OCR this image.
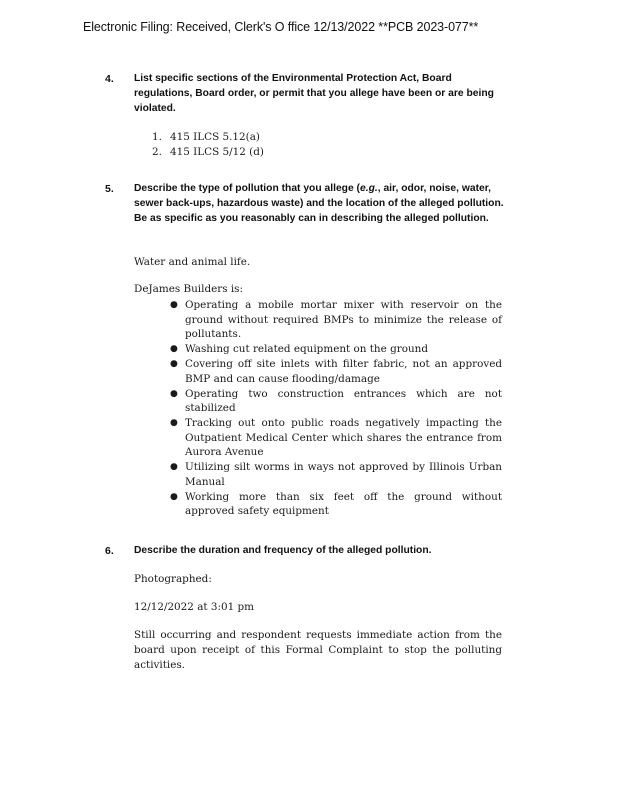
Electronic Filing: Received, Clerk's O ffice 12/13/2022 **PCB 2023-077**
4. List specific sections of the Environmental Protection Act, Board regulations, Board order, or permit that you allege have been or are being violated.

1. 415 ILCS 5.12(a)
2. 415 ILCS 5/12 (d)
5. Describe the type of pollution that you allege (e.g., air, odor, noise, water, sewer back-ups, hazardous waste) and the location of the alleged pollution. Be as specific as you reasonably can in describing the alleged pollution.

Water and animal life.

DeJames Builders is:

● Operating a mobile mortar mixer with reservoir on the ground without required BMPs to minimize the release of pollutants.
● Washing cut related equipment on the ground
● Covering off site inlets with filter fabric, not an approved BMP and can cause flooding/damage
● Operating two construction entrances which are not stabilized
● Tracking out onto public roads negatively impacting the Outpatient Medical Center which shares the entrance from Aurora Avenue
● Utilizing silt worms in ways not approved by Illinois Urban Manual
● Working more than six feet off the ground without approved safety equipment
6. Describe the duration and frequency of the alleged pollution.

Photographed:

12/12/2022 at 3:01 pm

Still occurring and respondent requests immediate action from the board upon receipt of this Formal Complaint to stop the polluting activities.
